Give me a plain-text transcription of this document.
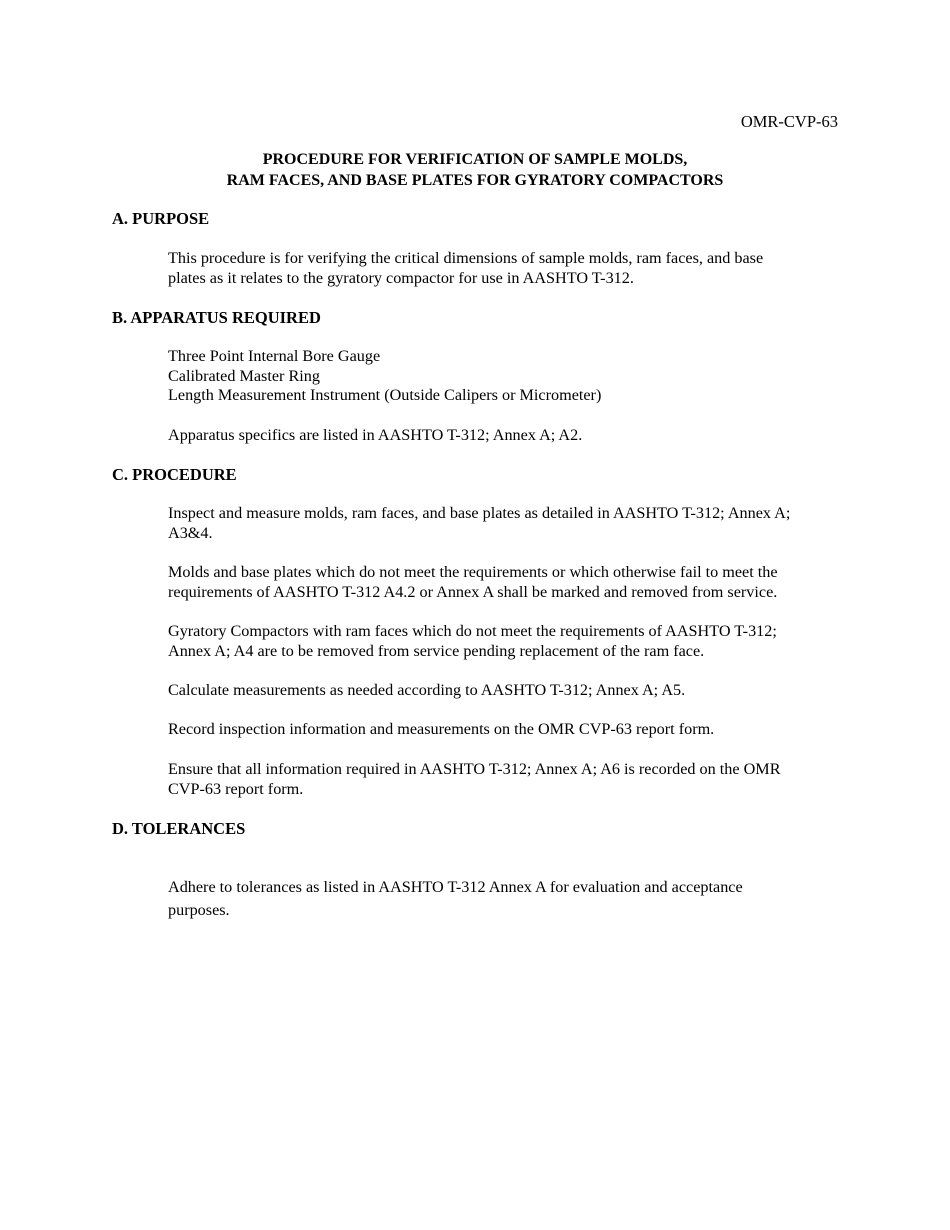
OMR-CVP-63

PROCEDURE FOR VERIFICATION OF SAMPLE MOLDS,
RAM FACES, AND BASE PLATES FOR GYRATORY COMPACTORS
A. PURPOSE
This procedure is for verifying the critical dimensions of sample molds, ram faces, and base
plates as it relates to the gyratory compactor for use in AASHTO T-312.
B. APPARATUS REQUIRED
Three Point Internal Bore Gauge
Calibrated Master Ring
Length Measurement Instrument (Outside Calipers or Micrometer)
Apparatus specifics are listed in AASHTO T-312; Annex A; A2.
C. PROCEDURE
Inspect and measure molds, ram faces, and base plates as detailed in AASHTO T-312; Annex A;
A3&4.
Molds and base plates which do not meet the requirements or which otherwise fail to meet the
requirements of AASHTO T-312 A4.2 or Annex A shall be marked and removed from service.
Gyratory Compactors with ram faces which do not meet the requirements of AASHTO T-312;
Annex A; A4 are to be removed from service pending replacement of the ram face.
Calculate measurements as needed according to AASHTO T-312; Annex A; A5.
Record inspection information and measurements on the OMR CVP-63 report form.
Ensure that all information required in AASHTO T-312; Annex A; A6 is recorded on the OMR
CVP-63 report form.
D. TOLERANCES
Adhere to tolerances as listed in AASHTO T-312 Annex A for evaluation and acceptance
purposes.
